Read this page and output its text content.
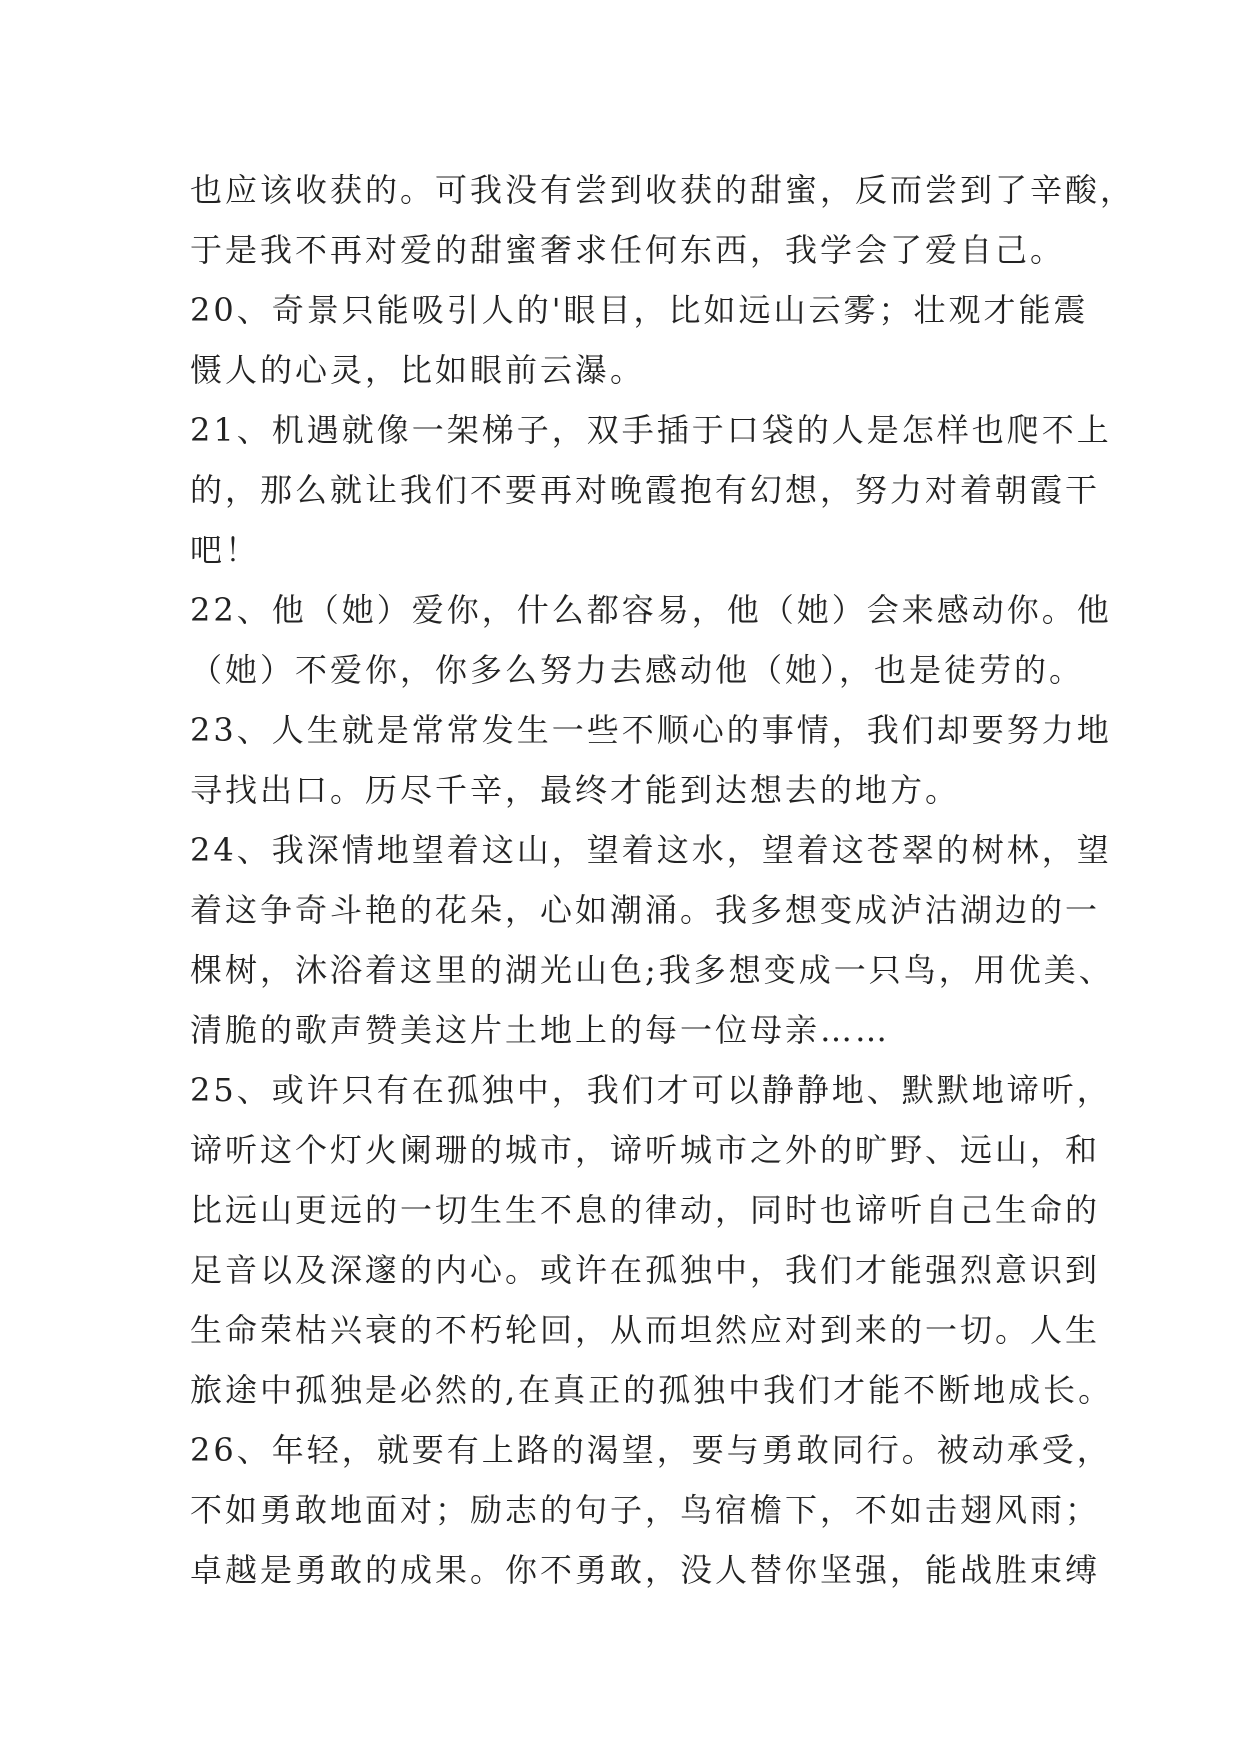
也应该收获的。可我没有尝到收获的甜蜜，反而尝到了辛酸，
于是我不再对爱的甜蜜奢求任何东西，我学会了爱自己。
20、奇景只能吸引人的'眼目，比如远山云雾；壮观才能震
慑人的心灵，比如眼前云瀑。
21、机遇就像一架梯子，双手插于口袋的人是怎样也爬不上
的，那么就让我们不要再对晚霞抱有幻想，努力对着朝霞干
吧！
22、他（她）爱你，什么都容易，他（她）会来感动你。他
（她）不爱你，你多么努力去感动他（她），也是徒劳的。
23、人生就是常常发生一些不顺心的事情，我们却要努力地
寻找出口。历尽千辛，最终才能到达想去的地方。
24、我深情地望着这山，望着这水，望着这苍翠的树林，望
着这争奇斗艳的花朵，心如潮涌。我多想变成泸沽湖边的一
棵树，沐浴着这里的湖光山色;我多想变成一只鸟，用优美、
清脆的歌声赞美这片土地上的每一位母亲……
25、或许只有在孤独中，我们才可以静静地、默默地谛听，
谛听这个灯火阑珊的城市，谛听城市之外的旷野、远山，和
比远山更远的一切生生不息的律动，同时也谛听自己生命的
足音以及深邃的内心。或许在孤独中，我们才能强烈意识到
生命荣枯兴衰的不朽轮回，从而坦然应对到来的一切。人生
旅途中孤独是必然的,在真正的孤独中我们才能不断地成长。
26、年轻，就要有上路的渴望，要与勇敢同行。被动承受，
不如勇敢地面对；励志的句子，鸟宿檐下，不如击翅风雨；
卓越是勇敢的成果。你不勇敢，没人替你坚强，能战胜束缚
